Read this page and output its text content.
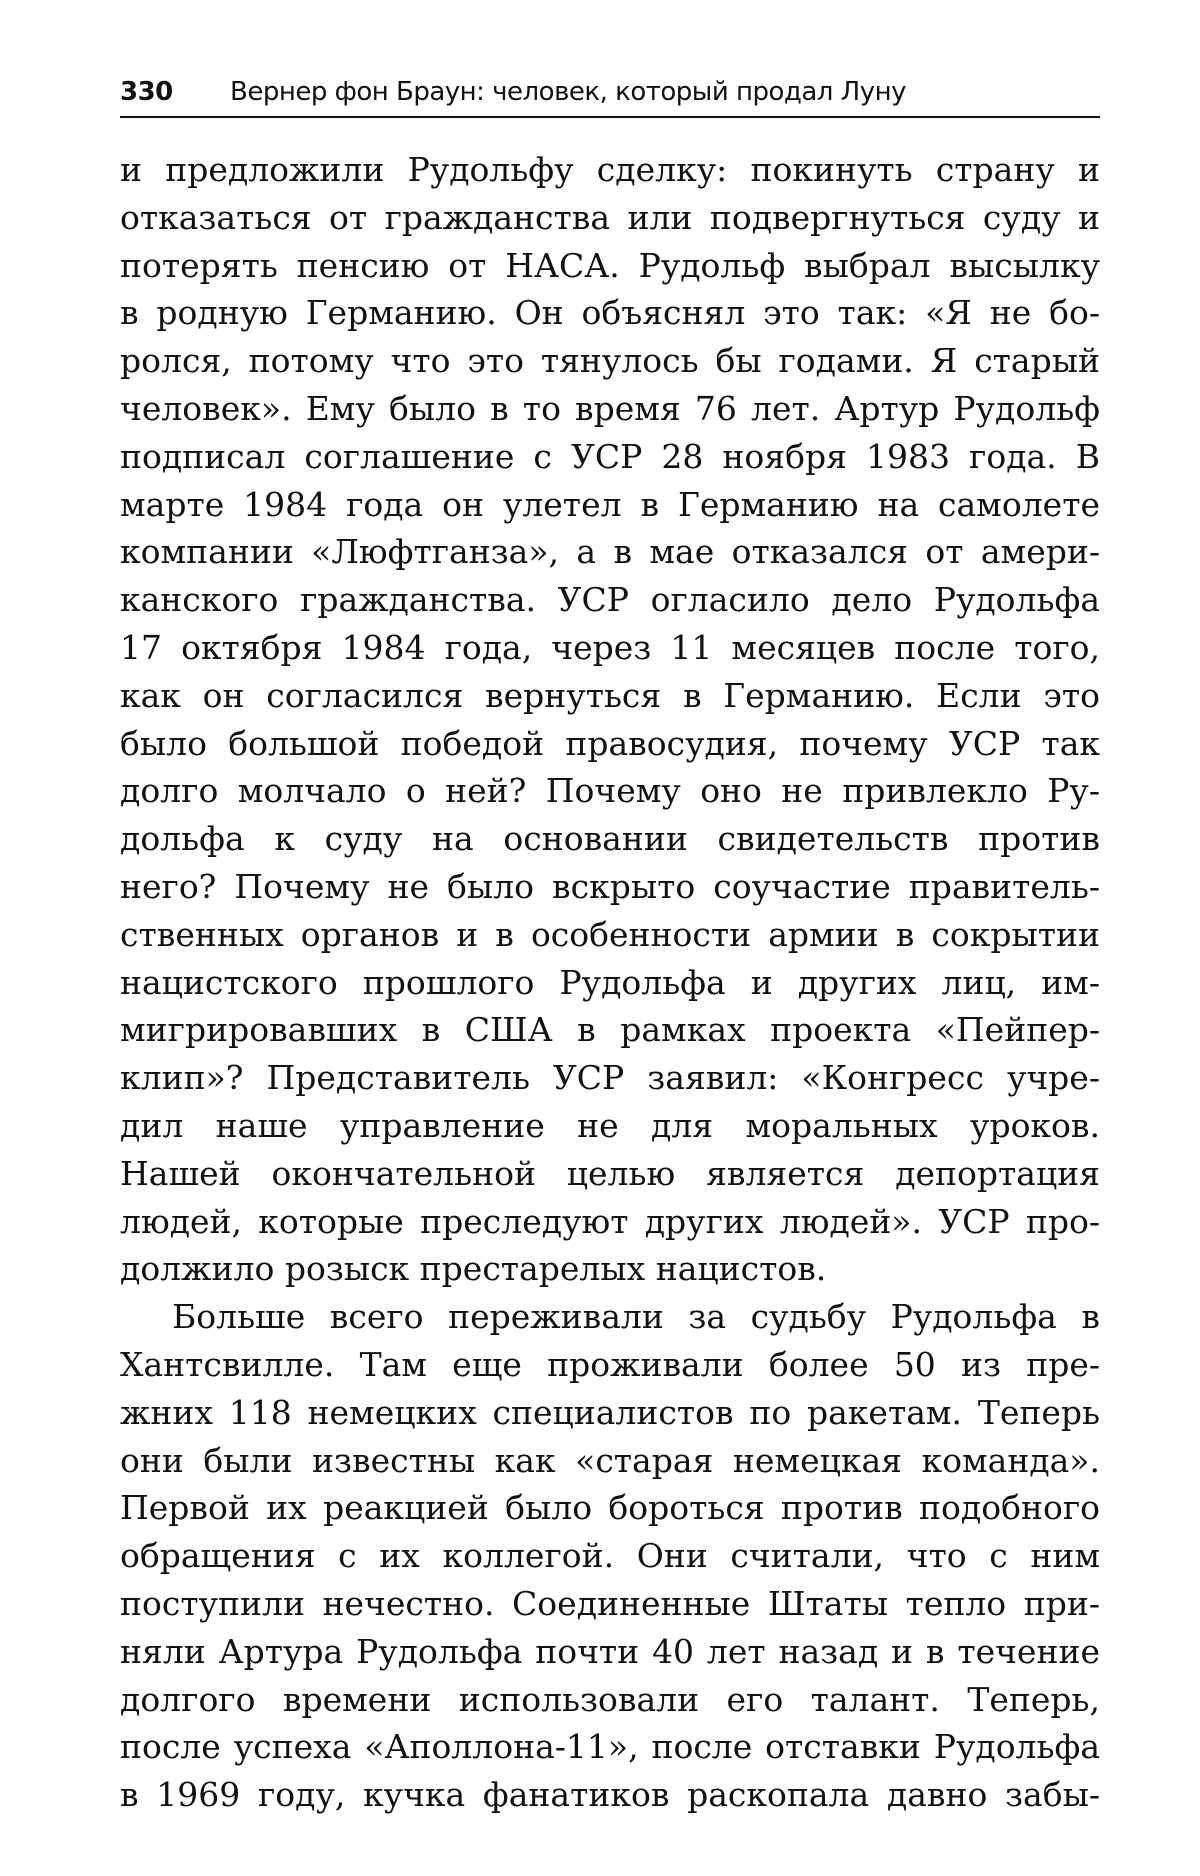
330	Вернер фон Браун: человек, который продал Луну

и предложили Рудольфу сделку: покинуть страну и
отказаться от гражданства или подвергнуться суду и
потерять пенсию от НАСА. Рудольф выбрал высылку
в родную Германию. Он объяснял это так: «Я не бо-
ролся, потому что это тянулось бы годами. Я старый
человек». Ему было в то время 76 лет. Артур Рудольф
подписал соглашение с УСР 28 ноября 1983 года. В
марте 1984 года он улетел в Германию на самолете
компании «Люфтганза», а в мае отказался от амери-
канского гражданства. УСР огласило дело Рудольфа
17 октября 1984 года, через 11 месяцев после того,
как он согласился вернуться в Германию. Если это
было большой победой правосудия, почему УСР так
долго молчало о ней? Почему оно не привлекло Ру-
дольфа к суду на основании свидетельств против
него? Почему не было вскрыто соучастие правитель-
ственных органов и в особенности армии в сокрытии
нацистского прошлого Рудольфа и других лиц, им-
мигрировавших в США в рамках проекта «Пейпер-
клип»? Представитель УСР заявил: «Конгресс учре-
дил наше управление не для моральных уроков.
Нашей окончательной целью является депортация
людей, которые преследуют других людей». УСР про-
должило розыск престарелых нацистов.

Больше всего переживали за судьбу Рудольфа в
Хантсвилле. Там еще проживали более 50 из пре-
жних 118 немецких специалистов по ракетам. Теперь
они были известны как «старая немецкая команда».
Первой их реакцией было бороться против подобного
обращения с их коллегой. Они считали, что с ним
поступили нечестно. Соединенные Штаты тепло при-
няли Артура Рудольфа почти 40 лет назад и в течение
долгого времени использовали его талант. Теперь,
после успеха «Аполлона-11», после отставки Рудольфа
в 1969 году, кучка фанатиков раскопала давно забы-
